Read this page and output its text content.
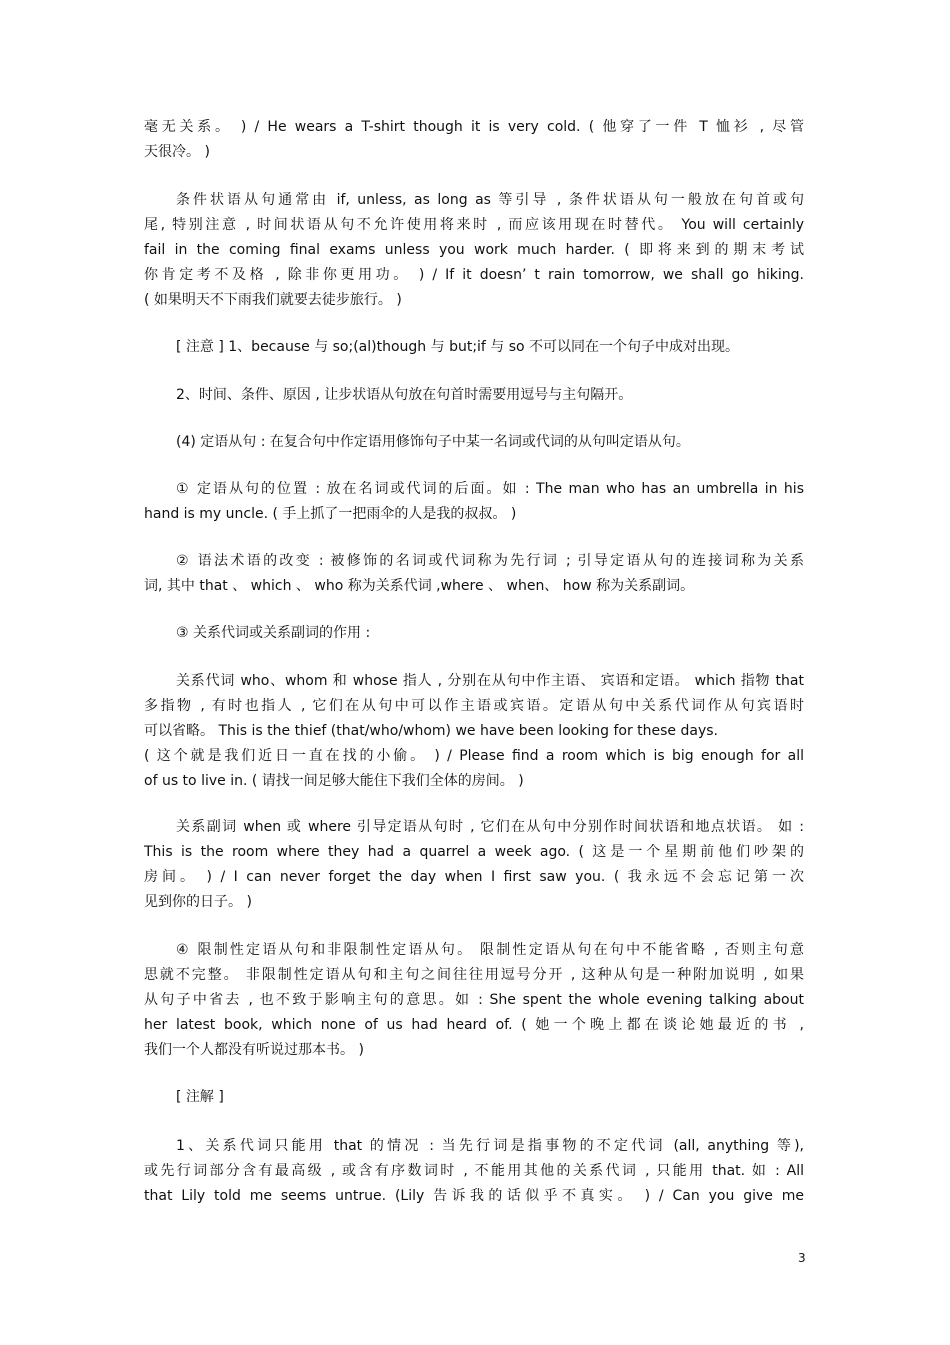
毫无关系。 ) / He wears a T-shirt though it is very cold. ( 他穿了一件 T 恤衫 , 尽管

天很冷。 )

条件状语从句通常由 if, unless, as long as 等引导 , 条件状语从句一般放在句首或句

尾, 特别注意 , 时间状语从句不允许使用将来时 , 而应该用现在时替代。 You will certainly

fail in the coming final exams unless you work much harder. ( 即将来到的期末考试

你肯定考不及格 , 除非你更用功。 ) / If it doesn’ t rain tomorrow, we shall go hiking.

( 如果明天不下雨我们就要去徒步旅行。 )

[ 注意 ] 1、because 与 so;(al)though 与 but;if 与 so 不可以同在一个句子中成对出现。

2、时间、条件、原因 , 让步状语从句放在句首时需要用逗号与主句隔开。

(4) 定语从句 : 在复合句中作定语用修饰句子中某一名词或代词的从句叫定语从句。

① 定语从句的位置 : 放在名词或代词的后面。如 : The man who has an umbrella in his

hand is my uncle. ( 手上抓了一把雨伞的人是我的叔叔。 )

② 语法术语的改变 : 被修饰的名词或代词称为先行词 ; 引导定语从句的连接词称为关系

词, 其中 that 、 which 、 who 称为关系代词 ,where 、 when、 how 称为关系副词。

③ 关系代词或关系副词的作用 :

关系代词 who、whom 和 whose 指人 , 分别在从句中作主语、 宾语和定语。 which 指物 that

多指物 , 有时也指人 , 它们在从句中可以作主语或宾语。定语从句中关系代词作从句宾语时

可以省略。 This is the thief (that/who/whom) we have been looking for these days.

( 这个就是我们近日一直在找的小偷。 ) / Please find a room which is big enough for all

of us to live in. ( 请找一间足够大能住下我们全体的房间。 )

关系副词 when 或 where 引导定语从句时 , 它们在从句中分别作时间状语和地点状语。 如 :

This is the room where they had a quarrel a week ago. ( 这是一个星期前他们吵架的

房间。 ) / I can never forget the day when I first saw you. ( 我永远不会忘记第一次

见到你的日子。 )

④ 限制性定语从句和非限制性定语从句。 限制性定语从句在句中不能省略 , 否则主句意

思就不完整。 非限制性定语从句和主句之间往往用逗号分开 , 这种从句是一种附加说明 , 如果

从句子中省去 , 也不致于影响主句的意思。如 : She spent the whole evening talking about

her latest book, which none of us had heard of. ( 她一个晚上都在谈论她最近的书 ,

我们一个人都没有听说过那本书。 )

[ 注解 ]

1、关系代词只能用 that 的情况 : 当先行词是指事物的不定代词 (all, anything 等),

或先行词部分含有最高级 , 或含有序数词时 , 不能用其他的关系代词 , 只能用 that. 如 : All

that Lily told me seems untrue. (Lily 告诉我的话似乎不真实。 ) / Can you give me

3
